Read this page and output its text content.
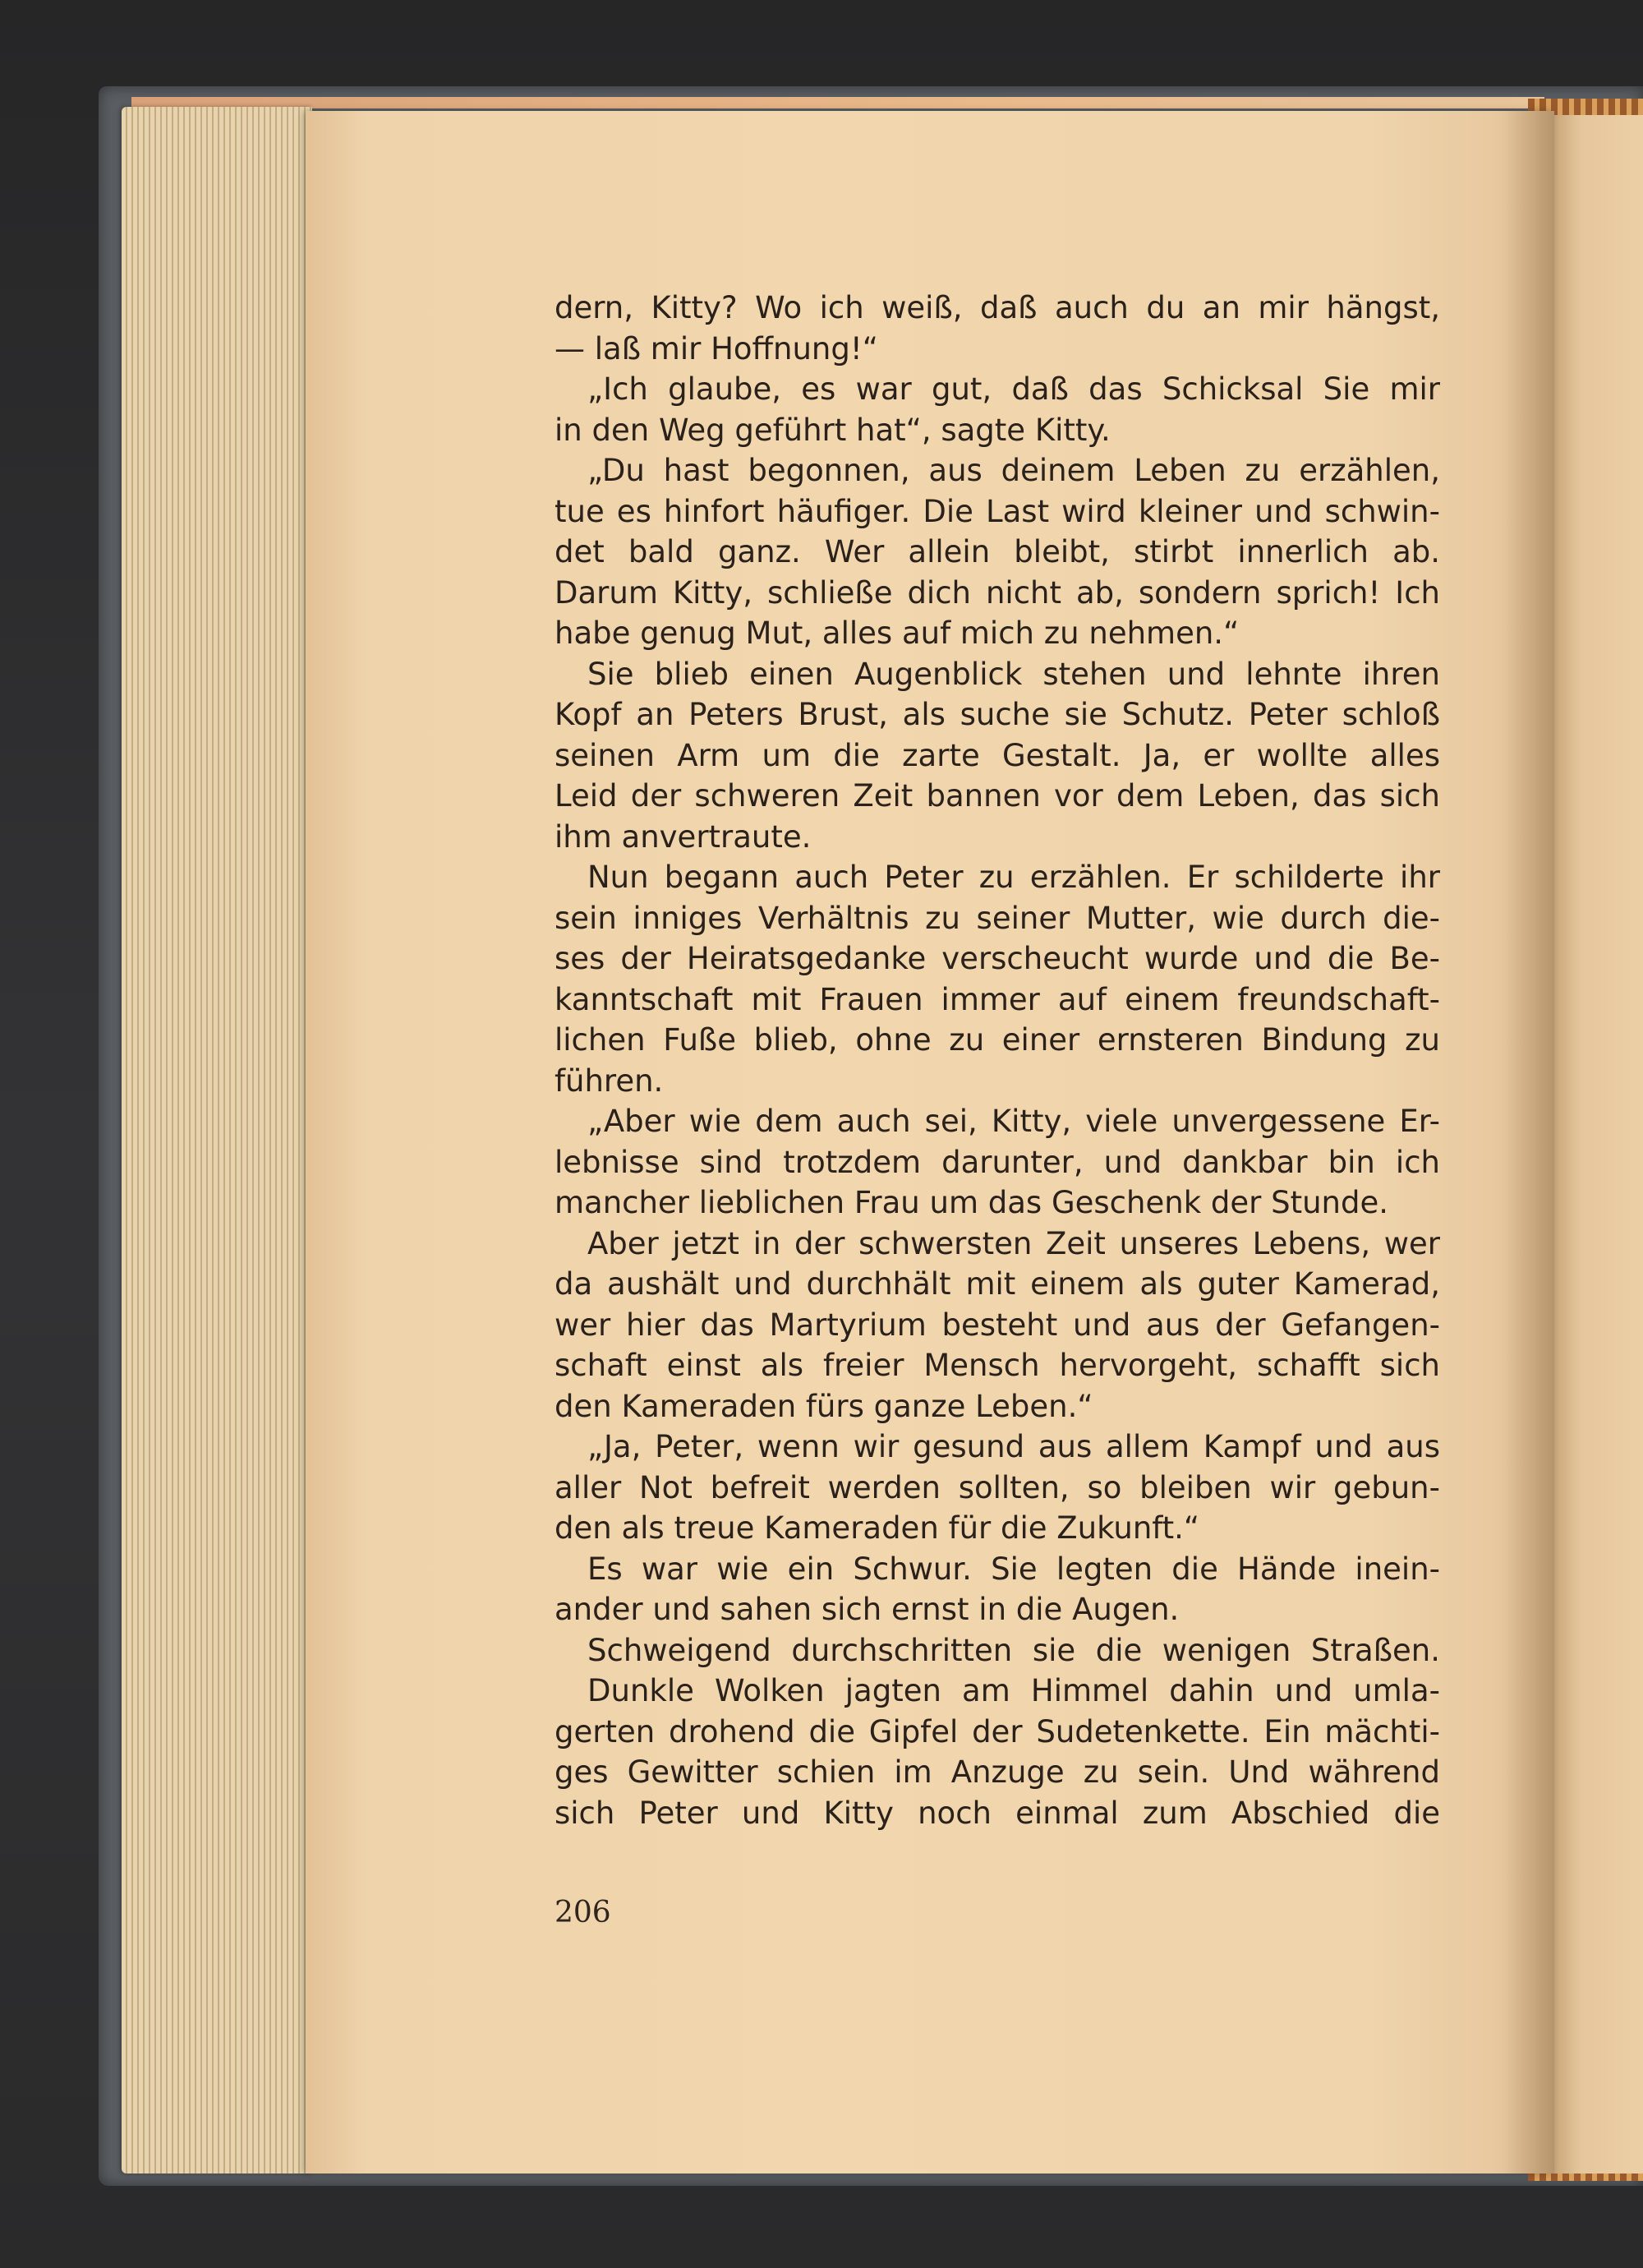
dern, Kitty? Wo ich weiß, daß auch du an mir hängst,
— laß mir Hoffnung!“
„Ich glaube, es war gut, daß das Schicksal Sie mir
in den Weg geführt hat“, sagte Kitty.
„Du hast begonnen, aus deinem Leben zu erzählen,
tue es hinfort häufiger. Die Last wird kleiner und schwin-
det bald ganz. Wer allein bleibt, stirbt innerlich ab.
Darum Kitty, schließe dich nicht ab, sondern sprich! Ich
habe genug Mut, alles auf mich zu nehmen.“
Sie blieb einen Augenblick stehen und lehnte ihren
Kopf an Peters Brust, als suche sie Schutz. Peter schloß
seinen Arm um die zarte Gestalt. Ja, er wollte alles
Leid der schweren Zeit bannen vor dem Leben, das sich
ihm anvertraute.
Nun begann auch Peter zu erzählen. Er schilderte ihr
sein inniges Verhältnis zu seiner Mutter, wie durch die-
ses der Heiratsgedanke verscheucht wurde und die Be-
kanntschaft mit Frauen immer auf einem freundschaft-
lichen Fuße blieb, ohne zu einer ernsteren Bindung zu
führen.
„Aber wie dem auch sei, Kitty, viele unvergessene Er-
lebnisse sind trotzdem darunter, und dankbar bin ich
mancher lieblichen Frau um das Geschenk der Stunde.
Aber jetzt in der schwersten Zeit unseres Lebens, wer
da aushält und durchhält mit einem als guter Kamerad,
wer hier das Martyrium besteht und aus der Gefangen-
schaft einst als freier Mensch hervorgeht, schafft sich
den Kameraden fürs ganze Leben.“
„Ja, Peter, wenn wir gesund aus allem Kampf und aus
aller Not befreit werden sollten, so bleiben wir gebun-
den als treue Kameraden für die Zukunft.“
Es war wie ein Schwur. Sie legten die Hände inein-
ander und sahen sich ernst in die Augen.
Schweigend durchschritten sie die wenigen Straßen.
Dunkle Wolken jagten am Himmel dahin und umla-
gerten drohend die Gipfel der Sudetenkette. Ein mächti-
ges Gewitter schien im Anzuge zu sein. Und während
sich Peter und Kitty noch einmal zum Abschied die
206
